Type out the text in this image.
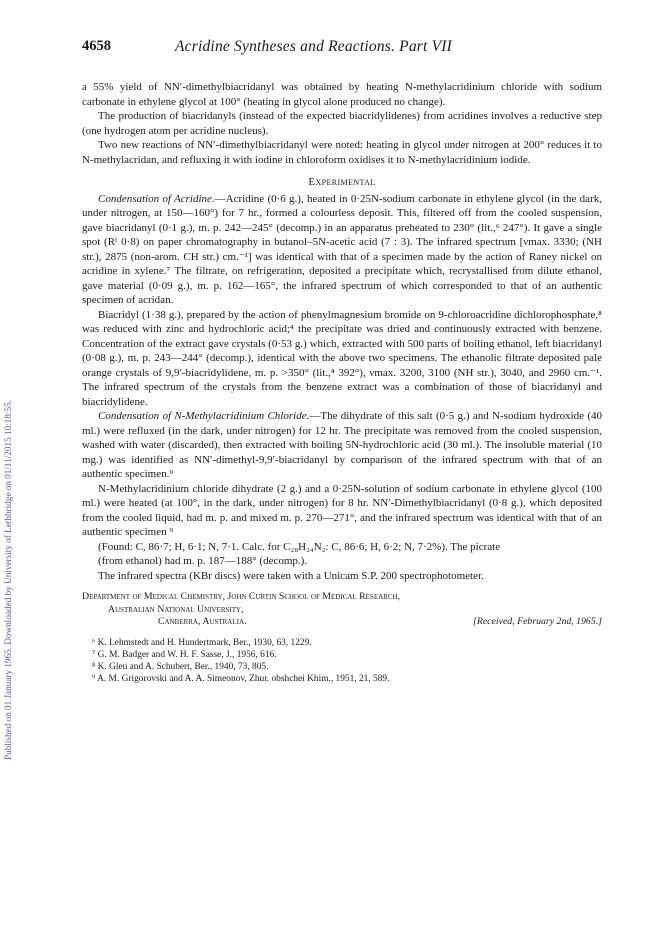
Published on 01 January 1965. Downloaded by University of Lethbridge on 01/11/2015 10:18:55.
4658	Acridine Syntheses and Reactions. Part VII

a 55% yield of NN′-dimethylbiacridanyl was obtained by heating N-methylacridinium chloride with sodium carbonate in ethylene glycol at 100° (heating in glycol alone produced no change).

The production of biacridanyls (instead of the expected biacridylidenes) from acridines involves a reductive step (one hydrogen atom per acridine nucleus).

Two new reactions of NN′-dimethylbiacridanyl were noted: heating in glycol under nitrogen at 200° reduces it to N-methylacridan, and refluxing it with iodine in chloroform oxidises it to N-methylacridinium iodide.

Experimental

Condensation of Acridine.—Acridine (0·6 g.), heated in 0·25N-sodium carbonate in ethylene glycol (in the dark, under nitrogen, at 150—160°) for 7 hr., formed a colourless deposit. This, filtered off from the cooled suspension, gave biacridanyl (0·1 g.), m. p. 242—245° (decomp.) in an apparatus preheated to 230° (lit.,⁶ 247°). It gave a single spot (Rᶠ 0·8) on paper chromatography in butanol–5N-acetic acid (7 : 3). The infrared spectrum [νmax. 3330; (NH str.), 2875 (non-arom. CH str.) cm.⁻¹] was identical with that of a specimen made by the action of Raney nickel on acridine in xylene.⁷ The filtrate, on refrigeration, deposited a precipitate which, recrystallised from dilute ethanol, gave material (0·09 g.), m. p. 162—165°, the infrared spectrum of which corresponded to that of an authentic specimen of acridan.

Biacridyl (1·38 g.), prepared by the action of phenylmagnesium bromide on 9-chloroacridine dichlorophosphate,⁸ was reduced with zinc and hydrochloric acid;⁴ the precipitate was dried and continuously extracted with benzene. Concentration of the extract gave crystals (0·53 g.) which, extracted with 500 parts of boiling ethanol, left biacridanyl (0·08 g.), m. p. 243—244° (decomp.), identical with the above two specimens. The ethanolic filtrate deposited pale orange crystals of 9,9′-biacridylidene, m. p. >350° (lit.,⁴ 392°), νmax. 3200, 3100 (NH str.), 3040, and 2960 cm.⁻¹. The infrared spectrum of the crystals from the benzene extract was a combination of those of biacridanyl and biacridylidene.

Condensation of N-Methylacridinium Chloride.—The dihydrate of this salt (0·5 g.) and N-sodium hydroxide (40 ml.) were refluxed (in the dark, under nitrogen) for 12 hr. The precipitate was removed from the cooled suspension, washed with water (discarded), then extracted with boiling 5N-hydrochloric acid (30 ml.). The insoluble material (10 mg.) was identified as NN′-dimethyl-9,9′-biacridanyl by comparison of the infrared spectrum with that of an authentic specimen.⁹

N-Methylacridinium chloride dihydrate (2 g.) and a 0·25N-solution of sodium carbonate in ethylene glycol (100 ml.) were heated (at 100°, in the dark, under nitrogen) for 8 hr. NN′-Dimethylbiacridanyl (0·8 g.), which deposited from the cooled liquid, had m. p. and mixed m. p. 270—271°, and the infrared spectrum was identical with that of an authentic specimen ⁹
(Found: C, 86·7; H, 6·1; N, 7·1. Calc. for C₂₈H₂₄N₂: C, 86·6; H, 6·2; N, 7·2%). The picrate
(from ethanol) had m. p. 187—188° (decomp.).

The infrared spectra (KBr discs) were taken with a Unicam S.P. 200 spectrophotometer.

Department of Medical Chemistry, John Curtin School of Medical Research,
Australian National University,
Canberra, Australia.	[Received, February 2nd, 1965.]
⁶ K. Lehmstedt and H. Hundertmark, Ber., 1930, 63, 1229.
⁷ G. M. Badger and W. H. F. Sasse, J., 1956, 616.
⁸ K. Gleu and A. Schubert, Ber., 1940, 73, 805.
⁹ A. M. Grigorovski and A. A. Simeonov, Zhur. obshchei Khim., 1951, 21, 589.
